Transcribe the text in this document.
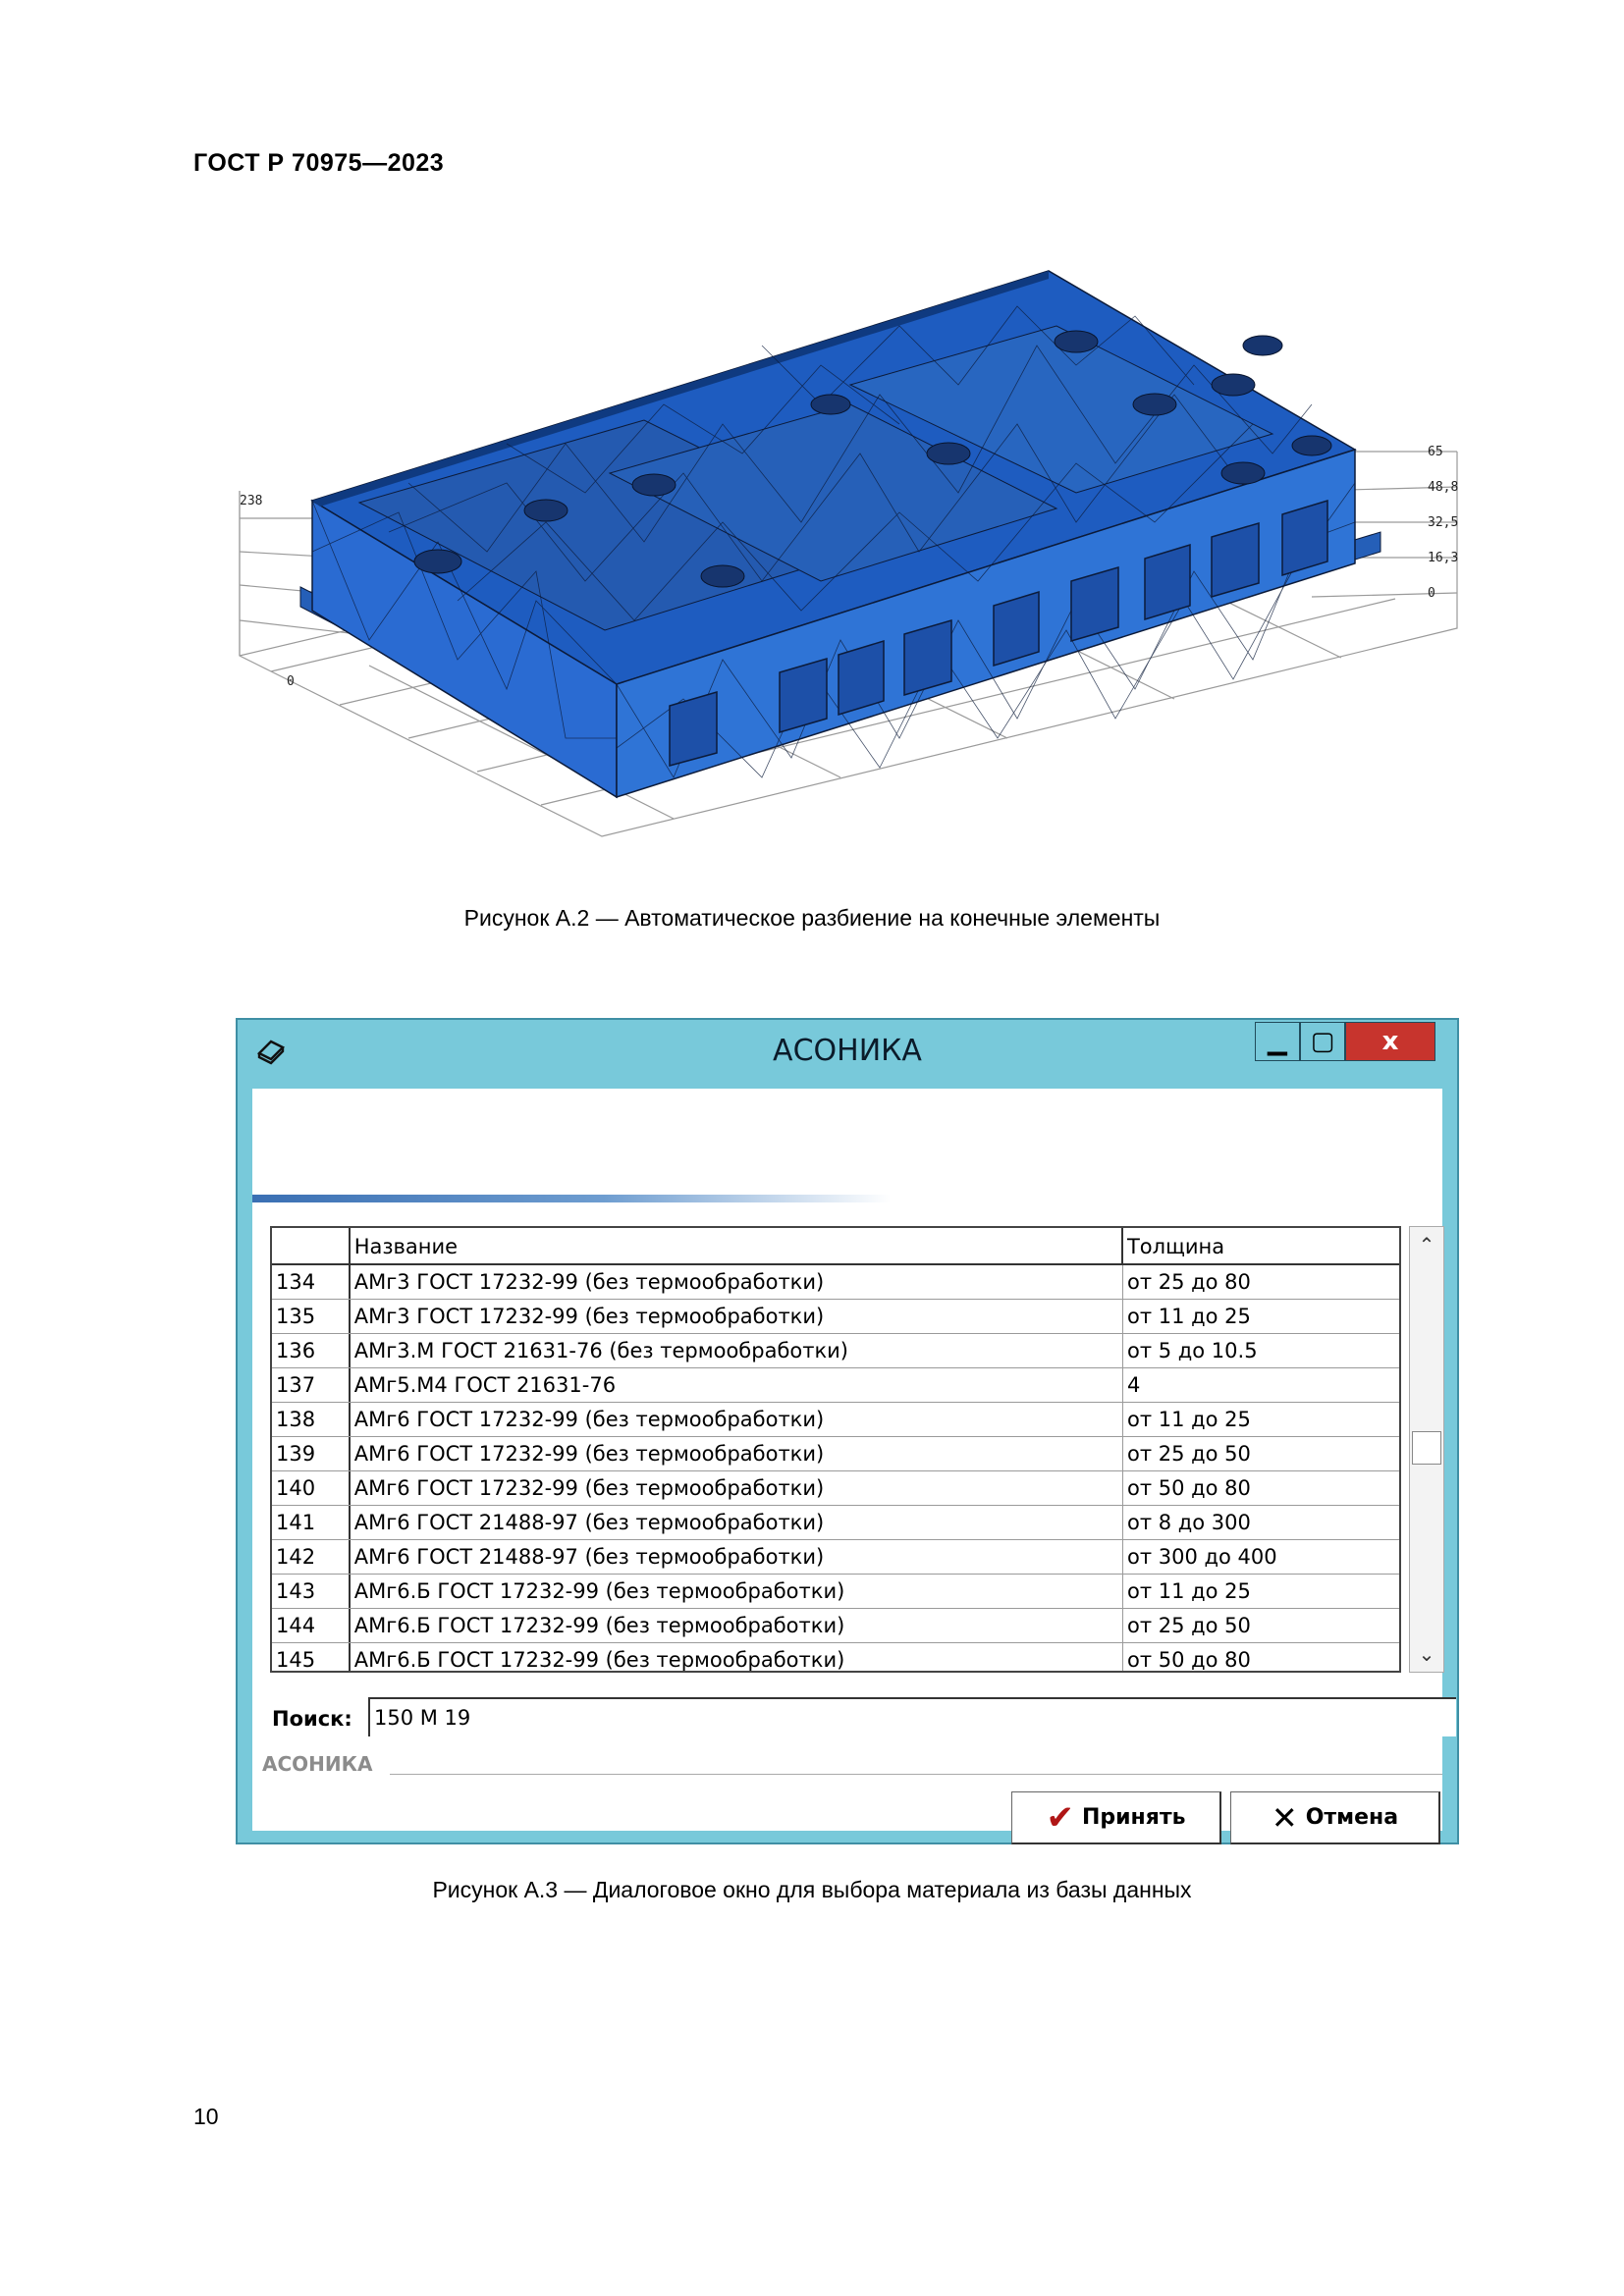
ГОСТ Р 70975—2023
65
48,8
32,5
16,3
0
238
0
Рисунок А.2 — Автоматическое разбиение на конечные элементы
АСОНИКА	▁ ▢	x
Название	Толщина
134	АМг3 ГОСТ 17232-99 (без термообработки)	от 25 до 80
135	АМг3 ГОСТ 17232-99 (без термообработки)	от 11 до 25
136	АМг3.М ГОСТ 21631-76 (без термообработки)	от 5 до 10.5
137	АМг5.М4 ГОСТ 21631-76	4
138	АМг6 ГОСТ 17232-99 (без термообработки)	от 11 до 25
139	АМг6 ГОСТ 17232-99 (без термообработки)	от 25 до 50
140	АМг6 ГОСТ 17232-99 (без термообработки)	от 50 до 80
141	АМг6 ГОСТ 21488-97 (без термообработки)	от 8 до 300
142	АМг6 ГОСТ 21488-97 (без термообработки)	от 300 до 400
143	АМг6.Б ГОСТ 17232-99 (без термообработки)	от 11 до 25
144	АМг6.Б ГОСТ 17232-99 (без термообработки)	от 25 до 50
145	АМг6.Б ГОСТ 17232-99 (без термообработки)	от 50 до 80
⌃
⌄
Поиск:
150 М 19
АСОНИКА
✔ Принять	✕ Отмена
Рисунок А.3 — Диалоговое окно для выбора материала из базы данных
10
